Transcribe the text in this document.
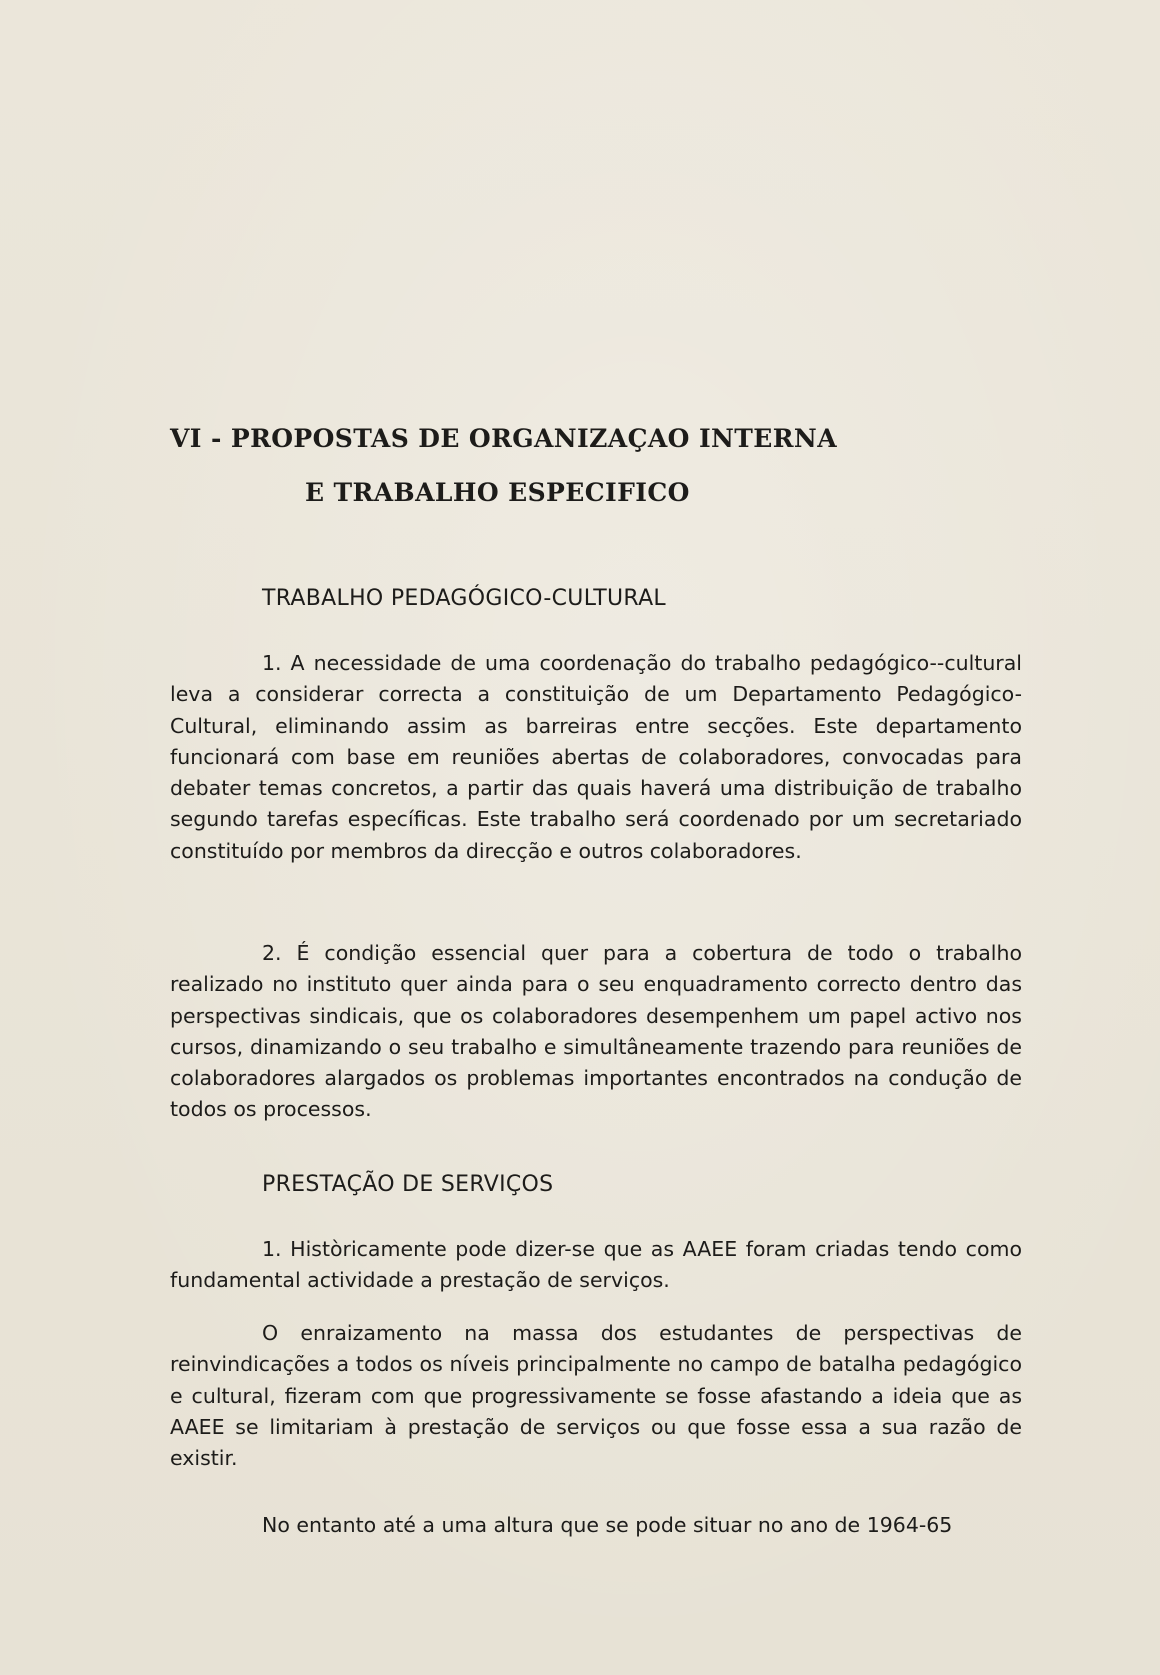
VI - PROPOSTAS DE ORGANIZAÇAO INTERNA
E TRABALHO ESPECIFICO
TRABALHO PEDAGÓGICO-CULTURAL
1. A necessidade de uma coordenação do trabalho pedagógico--cultural leva a considerar correcta a constituição de um Departamento Pedagógico-Cultural, eliminando assim as barreiras entre secções. Este departamento funcionará com base em reuniões abertas de colaboradores, convocadas para debater temas concretos, a partir das quais haverá uma distribuição de trabalho segundo tarefas específicas. Este trabalho será coordenado por um secretariado constituído por membros da direcção e outros colaboradores.
2. É condição essencial quer para a cobertura de todo o trabalho realizado no instituto quer ainda para o seu enquadramento correcto dentro das perspectivas sindicais, que os colaboradores desempenhem um papel activo nos cursos, dinamizando o seu trabalho e simultâneamente trazendo para reuniões de colaboradores alargados os problemas importantes encontrados na condução de todos os processos.
PRESTAÇÃO DE SERVIÇOS
1. Històricamente pode dizer-se que as AAEE foram criadas tendo como fundamental actividade a prestação de serviços.
O enraizamento na massa dos estudantes de perspectivas de reinvindicações a todos os níveis principalmente no campo de batalha pedagógico e cultural, fizeram com que progressivamente se fosse afastando a ideia que as AAEE se limitariam à prestação de serviços ou que fosse essa a sua razão de existir.
No entanto até a uma altura que se pode situar no ano de 1964-65
